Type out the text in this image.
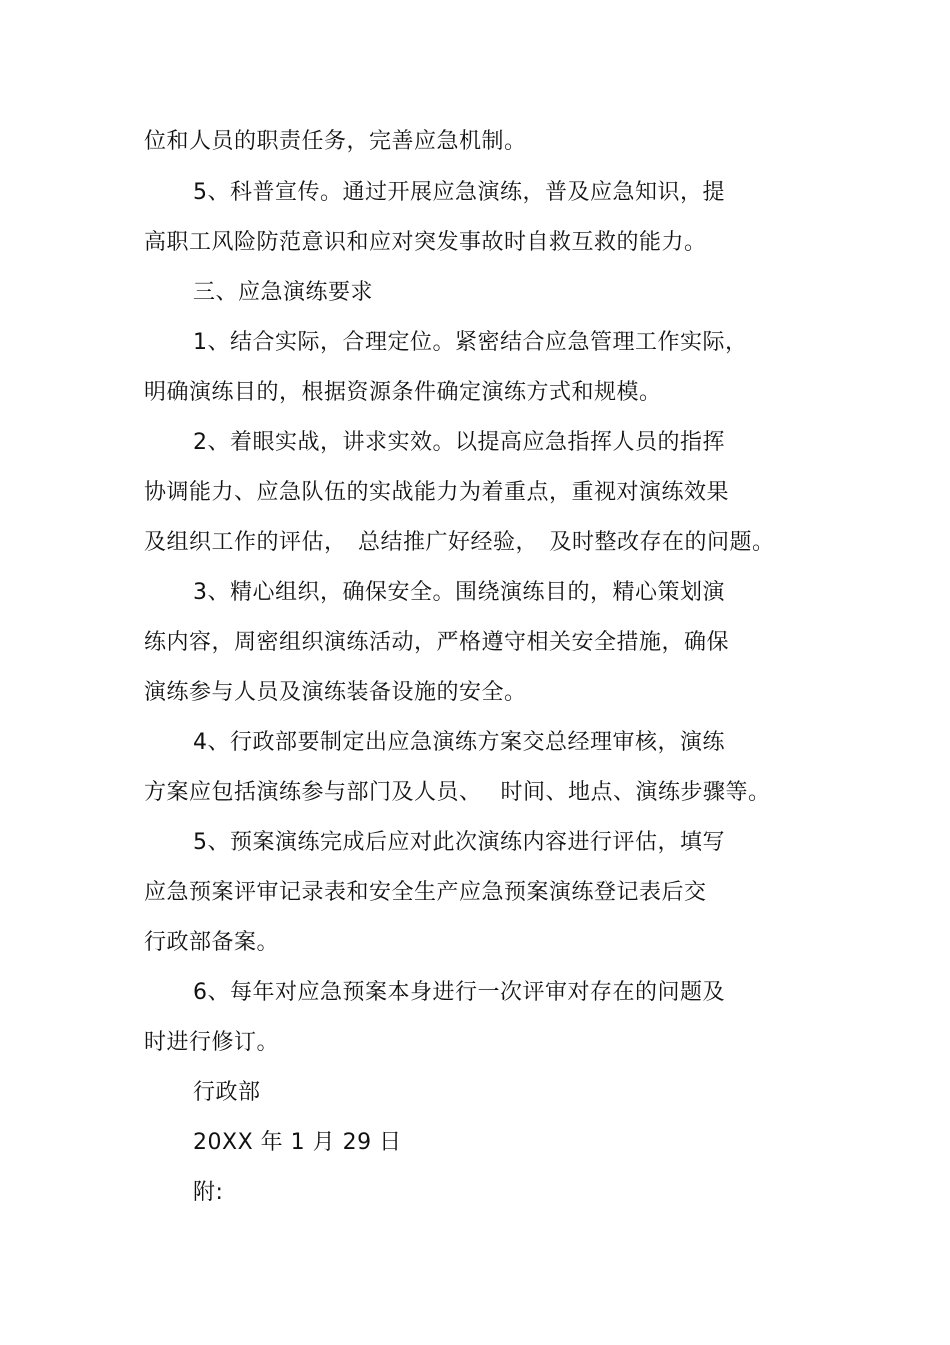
位和人员的职责任务，完善应急机制。
5、科普宣传。通过开展应急演练，普及应急知识，提
高职工风险防范意识和应对突发事故时自救互救的能力。
三、应急演练要求
1、结合实际，合理定位。紧密结合应急管理工作实际，
明确演练目的，根据资源条件确定演练方式和规模。
2、着眼实战，讲求实效。以提高应急指挥人员的指挥
协调能力、应急队伍的实战能力为着重点，重视对演练效果
及组织工作的评估，　总结推广好经验，　及时整改存在的问题。
3、精心组织，确保安全。围绕演练目的，精心策划演
练内容，周密组织演练活动，严格遵守相关安全措施，确保
演练参与人员及演练装备设施的安全。
4、行政部要制定出应急演练方案交总经理审核，演练
方案应包括演练参与部门及人员、　 时间、地点、演练步骤等。
5、预案演练完成后应对此次演练内容进行评估，填写
应急预案评审记录表和安全生产应急预案演练登记表后交
行政部备案。
6、每年对应急预案本身进行一次评审对存在的问题及
时进行修订。
行政部
20XX 年 1 月 29 日
附:
